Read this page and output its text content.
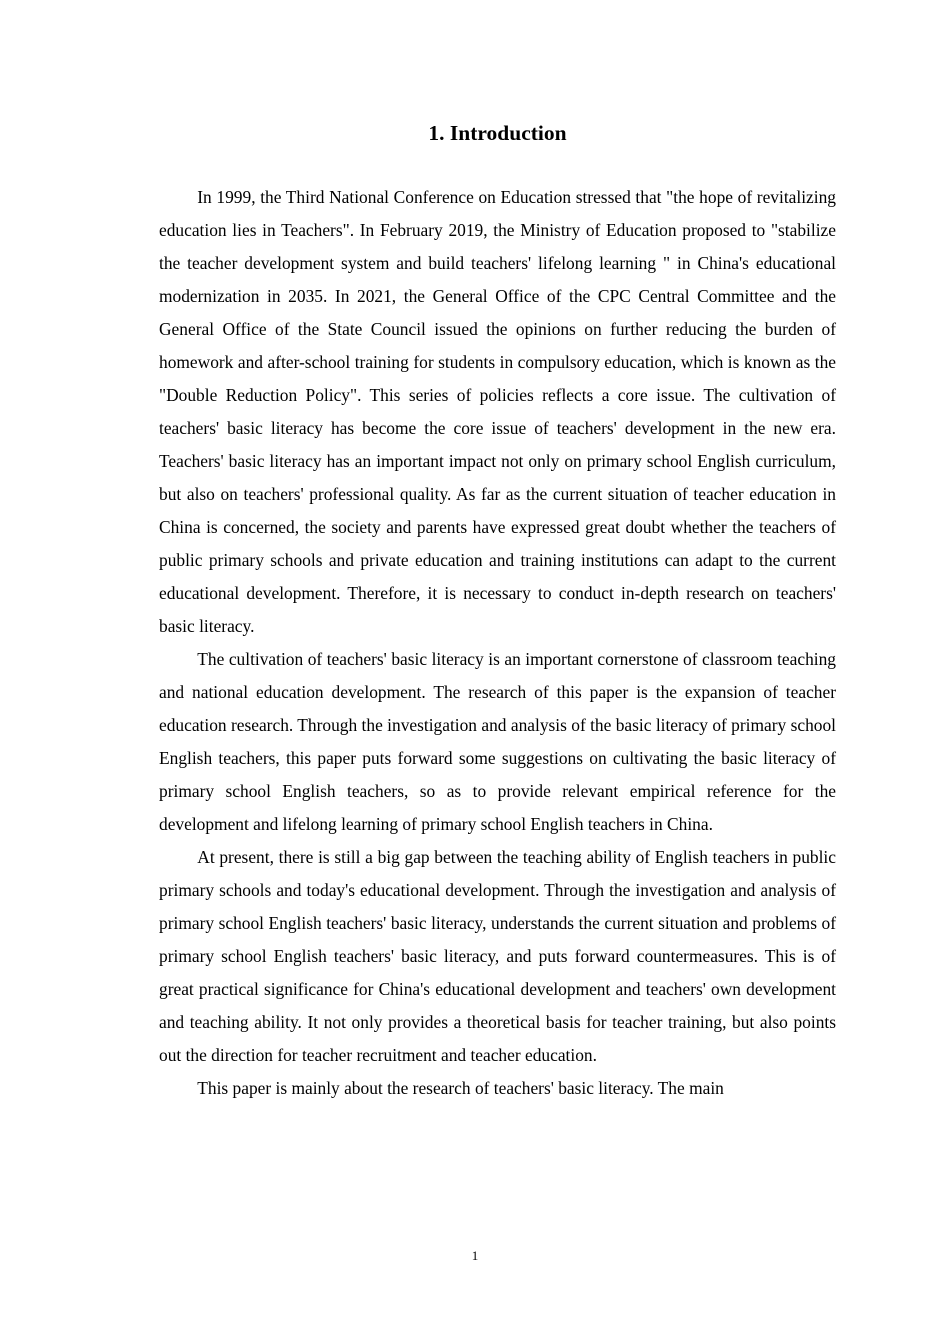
1. Introduction

In 1999, the Third National Conference on Education stressed that "the hope of revitalizing education lies in Teachers". In February 2019, the Ministry of Education proposed to "stabilize the teacher development system and build teachers' lifelong learning " in China's educational modernization in 2035. In 2021, the General Office of the CPC Central Committee and the General Office of the State Council issued the opinions on further reducing the burden of homework and after-school training for students in compulsory education, which is known as the "Double Reduction Policy". This series of policies reflects a core issue. The cultivation of teachers' basic literacy has become the core issue of teachers' development in the new era. Teachers' basic literacy has an important impact not only on primary school English curriculum, but also on teachers' professional quality. As far as the current situation of teacher education in China is concerned, the society and parents have expressed great doubt whether the teachers of public primary schools and private education and training institutions can adapt to the current educational development. Therefore, it is necessary to conduct in-depth research on teachers' basic literacy.

The cultivation of teachers' basic literacy is an important cornerstone of classroom teaching and national education development. The research of this paper is the expansion of teacher education research. Through the investigation and analysis of the basic literacy of primary school English teachers, this paper puts forward some suggestions on cultivating the basic literacy of primary school English teachers, so as to provide relevant empirical reference for the development and lifelong learning of primary school English teachers in China.

At present, there is still a big gap between the teaching ability of English teachers in public primary schools and today's educational development. Through the investigation and analysis of primary school English teachers' basic literacy, understands the current situation and problems of primary school English teachers' basic literacy, and puts forward countermeasures. This is of great practical significance for China's educational development and teachers' own development and teaching ability. It not only provides a theoretical basis for teacher training, but also points out the direction for teacher recruitment and teacher education.

This paper is mainly about the research of teachers' basic literacy. The main

1
